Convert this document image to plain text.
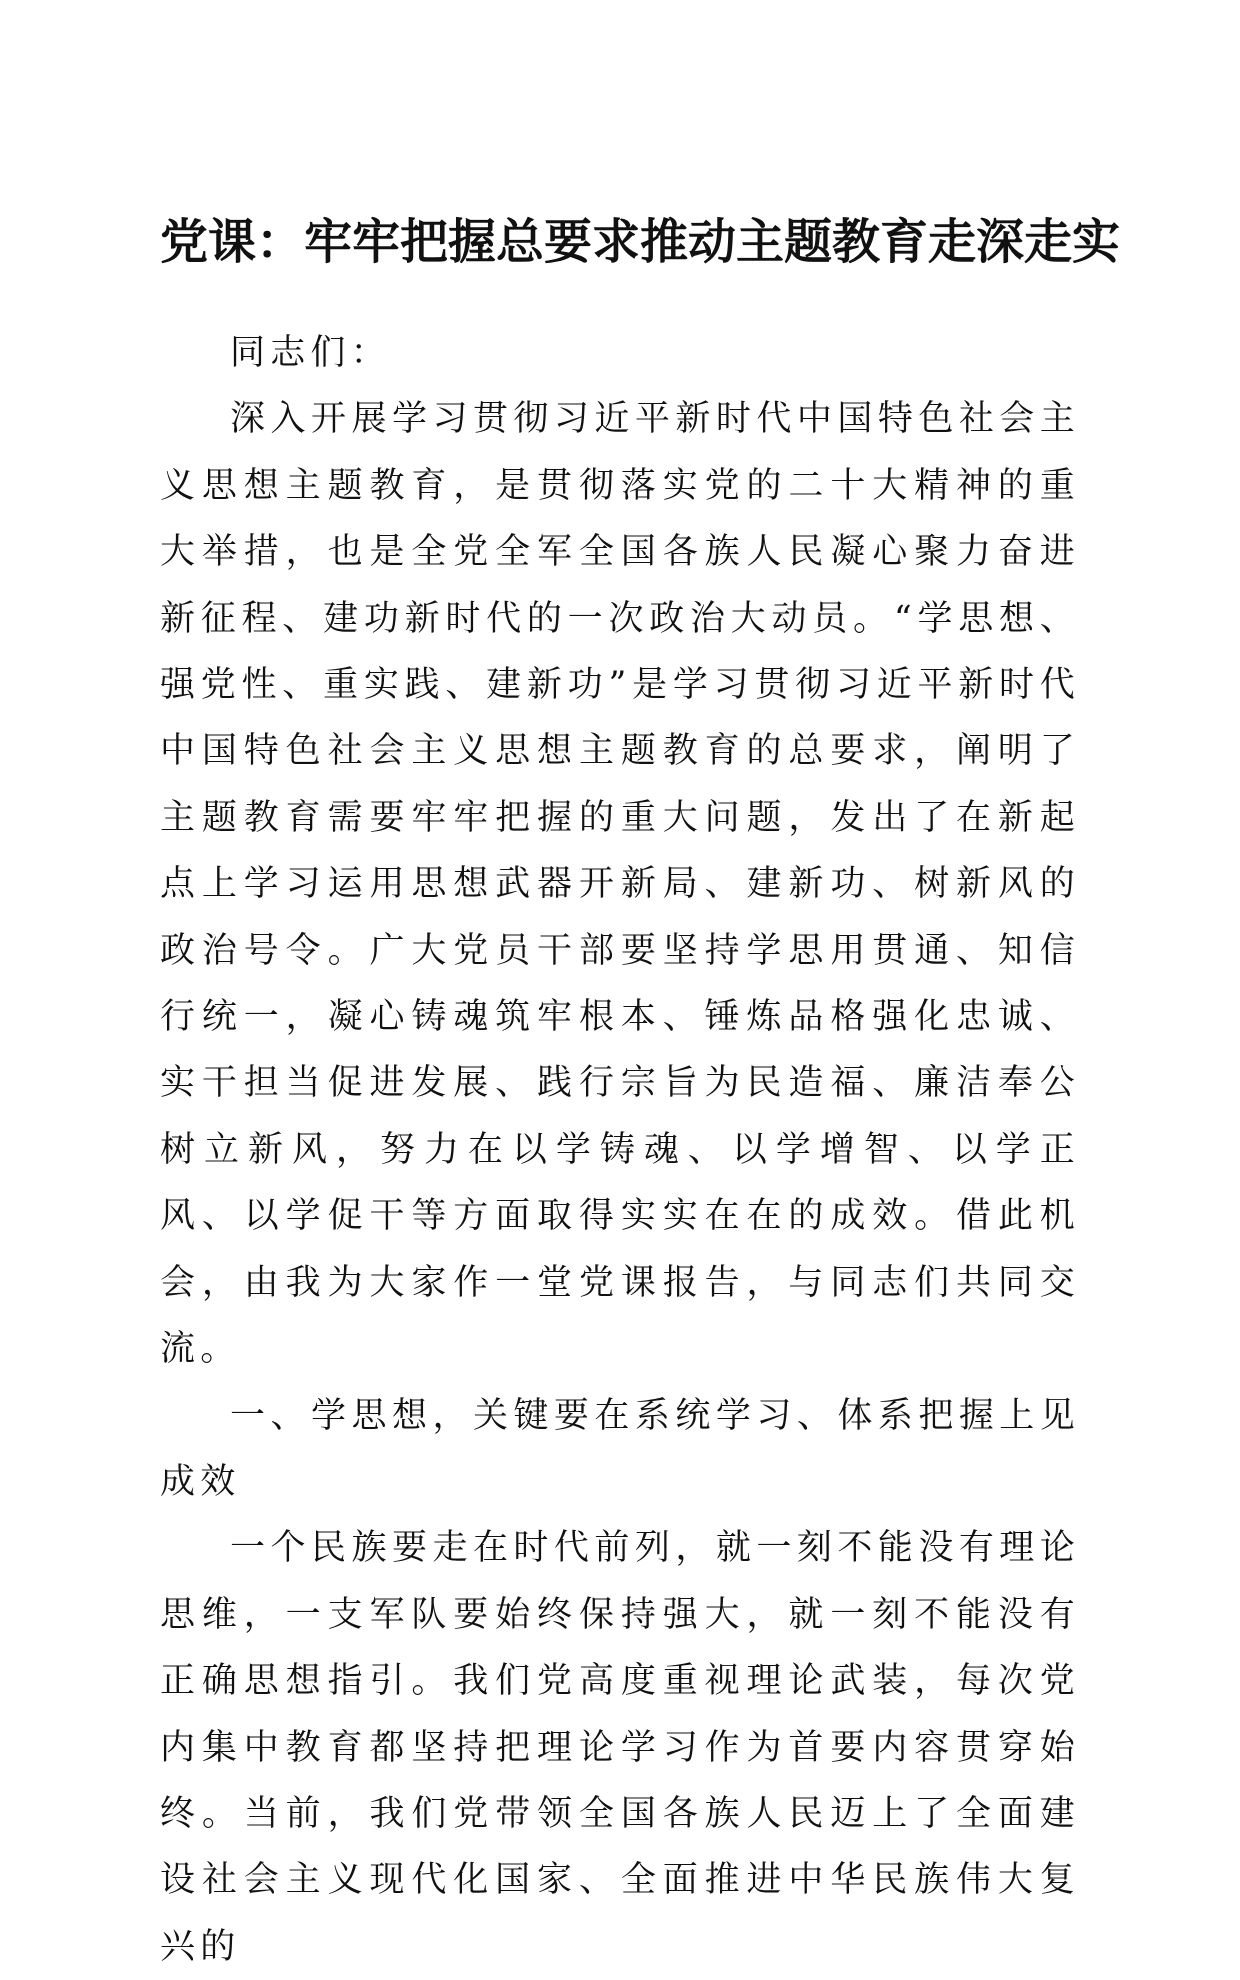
党课：牢牢把握总要求推动主题教育走深走实

同志们：

深入开展学习贯彻习近平新时代中国特色社会主义思想主题教育，是贯彻落实党的二十大精神的重大举措，也是全党全军全国各族人民凝心聚力奋进新征程、建功新时代的一次政治大动员。“学思想、强党性、重实践、建新功”是学习贯彻习近平新时代中国特色社会主义思想主题教育的总要求，阐明了主题教育需要牢牢把握的重大问题，发出了在新起点上学习运用思想武器开新局、建新功、树新风的政治号令。广大党员干部要坚持学思用贯通、知信行统一，凝心铸魂筑牢根本、锤炼品格强化忠诚、实干担当促进发展、践行宗旨为民造福、廉洁奉公树立新风，努力在以学铸魂、以学增智、以学正风、以学促干等方面取得实实在在的成效。借此机会，由我为大家作一堂党课报告，与同志们共同交流。

一、学思想，关键要在系统学习、体系把握上见成效

一个民族要走在时代前列，就一刻不能没有理论思维，一支军队要始终保持强大，就一刻不能没有正确思想指引。我们党高度重视理论武装，每次党内集中教育都坚持把理论学习作为首要内容贯穿始终。当前，我们党带领全国各族人民迈上了全面建设社会主义现代化国家、全面推进中华民族伟大复兴的
